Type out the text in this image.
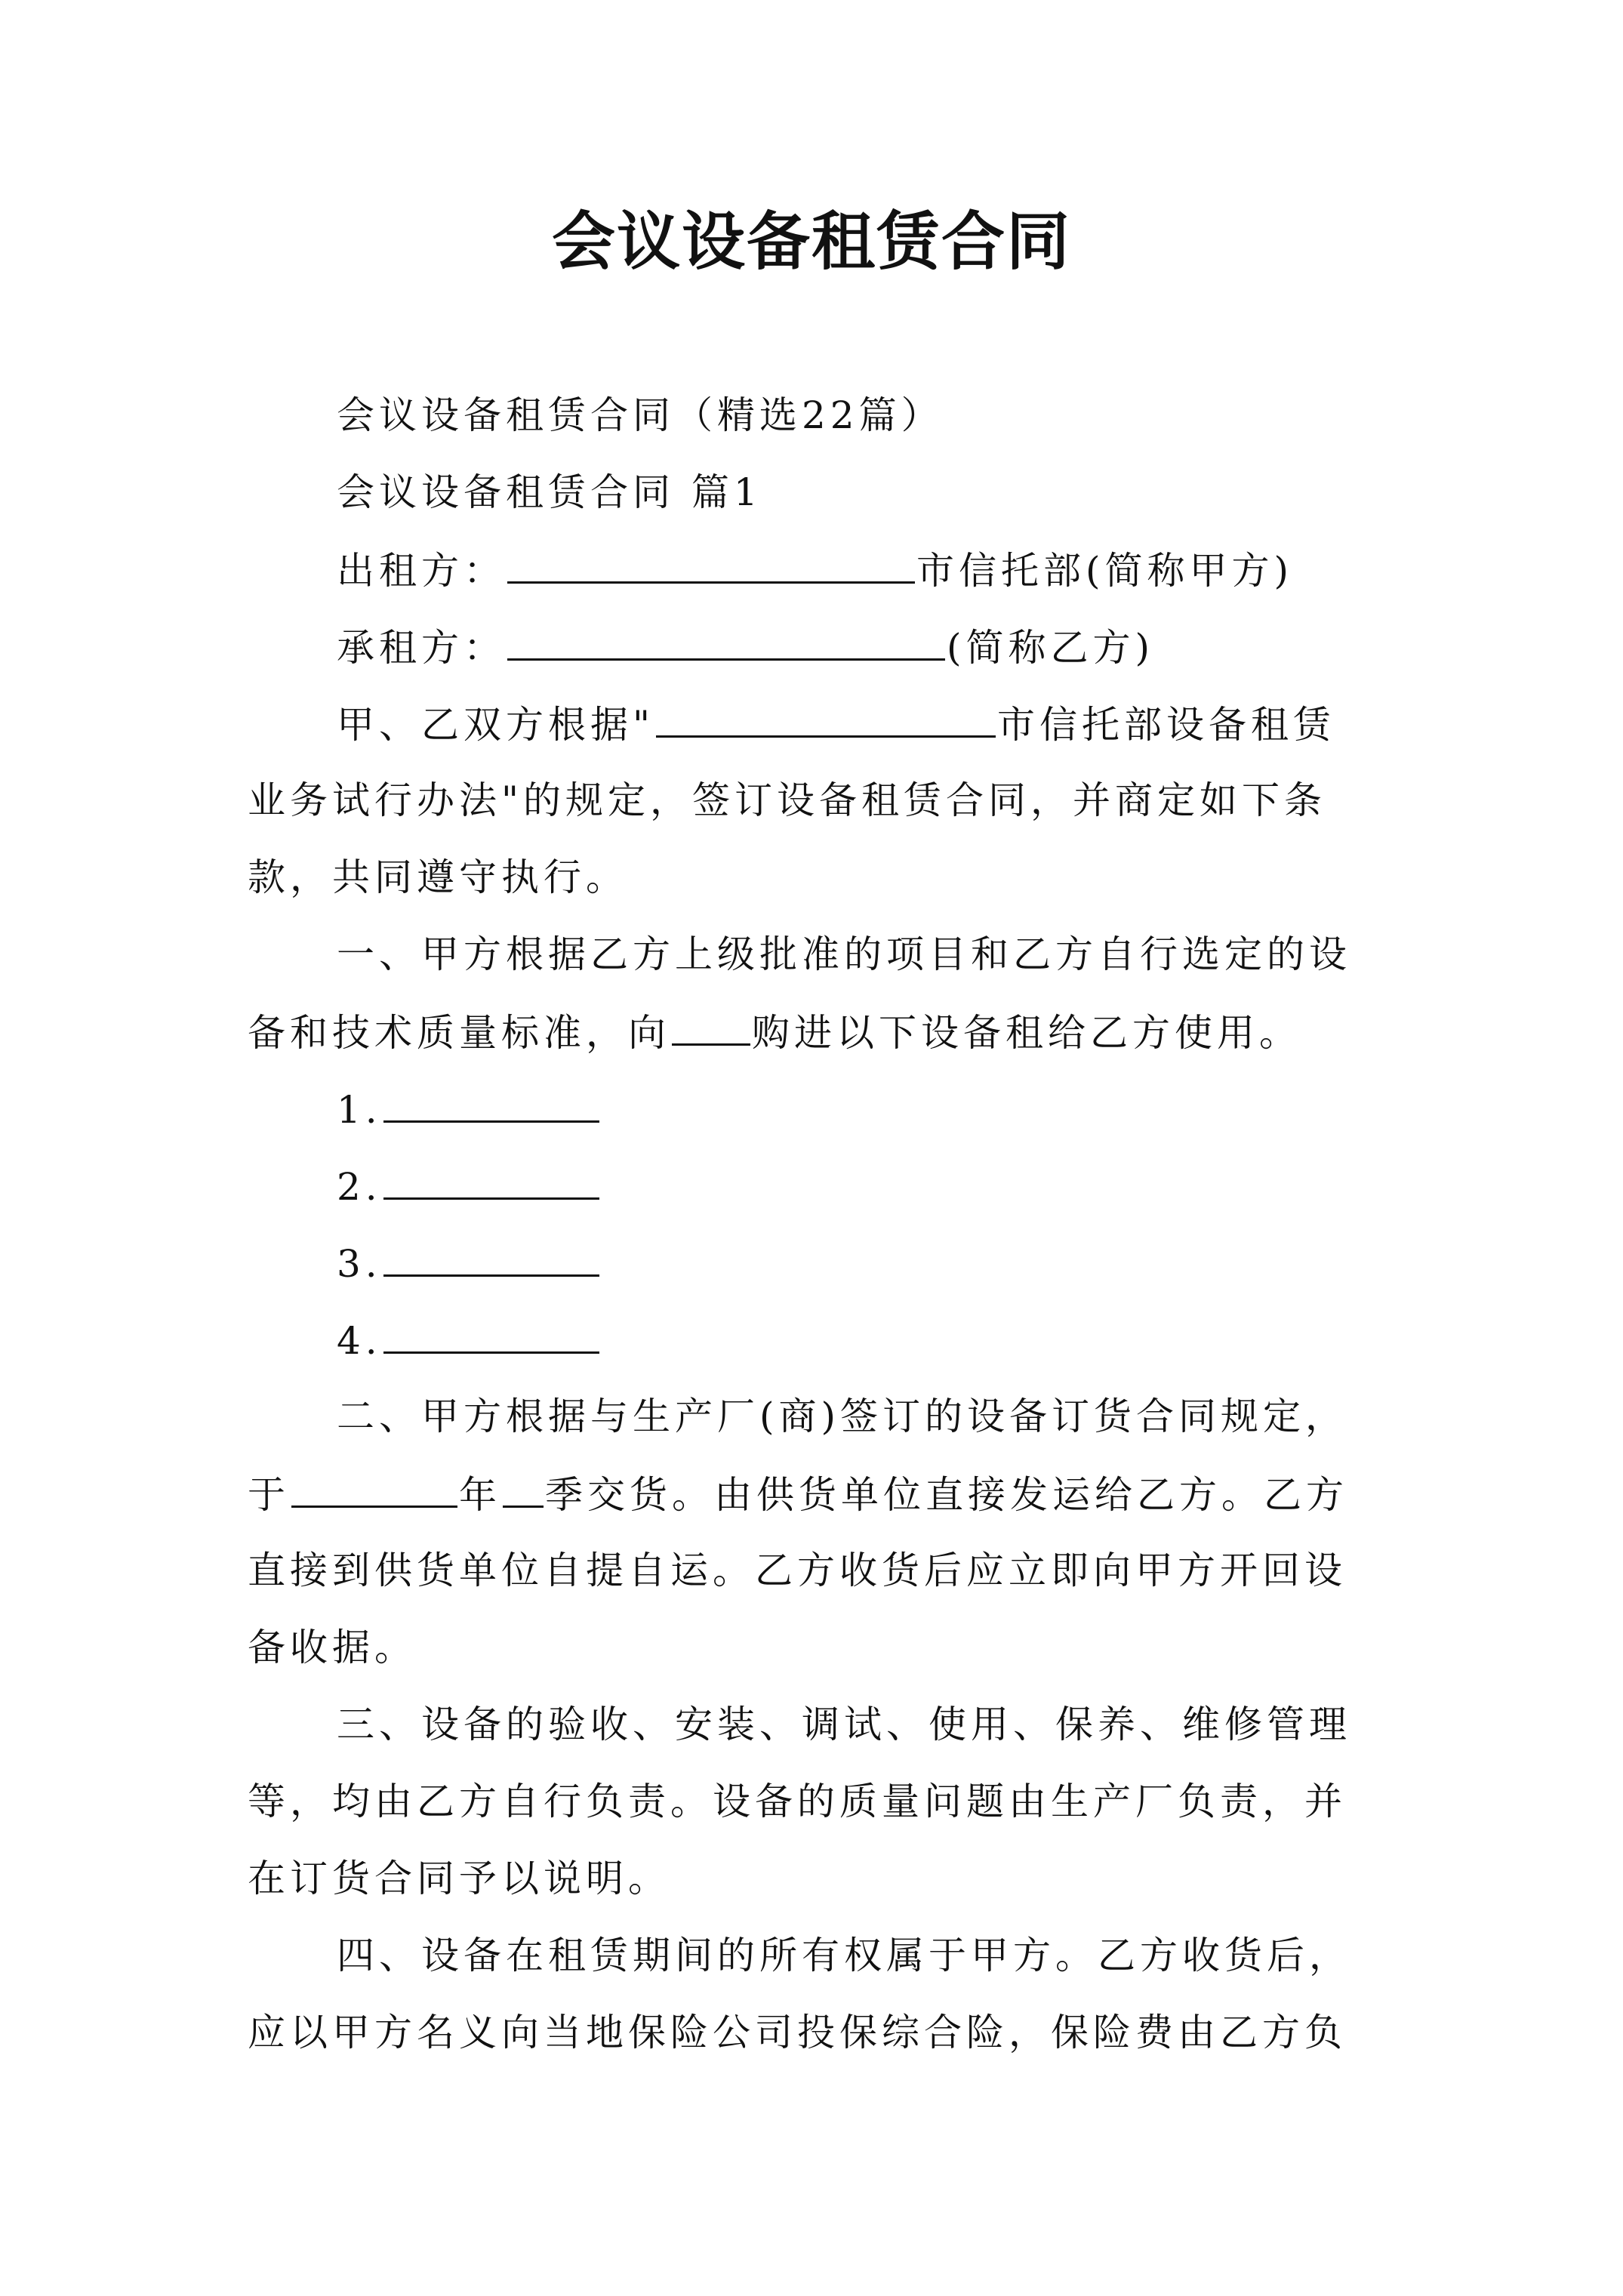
会议设备租赁合同
会议设备租赁合同（精选22篇）
会议设备租赁合同 篇1
出租方：	市信托部(简称甲方)
承租方：	(简称乙方)
甲、乙双方根据"	市信托部设备租赁
业务试行办法"的规定，签订设备租赁合同，并商定如下条
款，共同遵守执行。
一、甲方根据乙方上级批准的项目和乙方自行选定的设
备和技术质量标准，向 购进以下设备租给乙方使用。
1.
2.
3.
4.
二、甲方根据与生产厂(商)签订的设备订货合同规定，
于	年 季交货。由供货单位直接发运给乙方。乙方
直接到供货单位自提自运。乙方收货后应立即向甲方开回设
备收据。
三、设备的验收、安装、调试、使用、保养、维修管理
等，均由乙方自行负责。设备的质量问题由生产厂负责，并
在订货合同予以说明。
四、设备在租赁期间的所有权属于甲方。乙方收货后，
应以甲方名义向当地保险公司投保综合险，保险费由乙方负
